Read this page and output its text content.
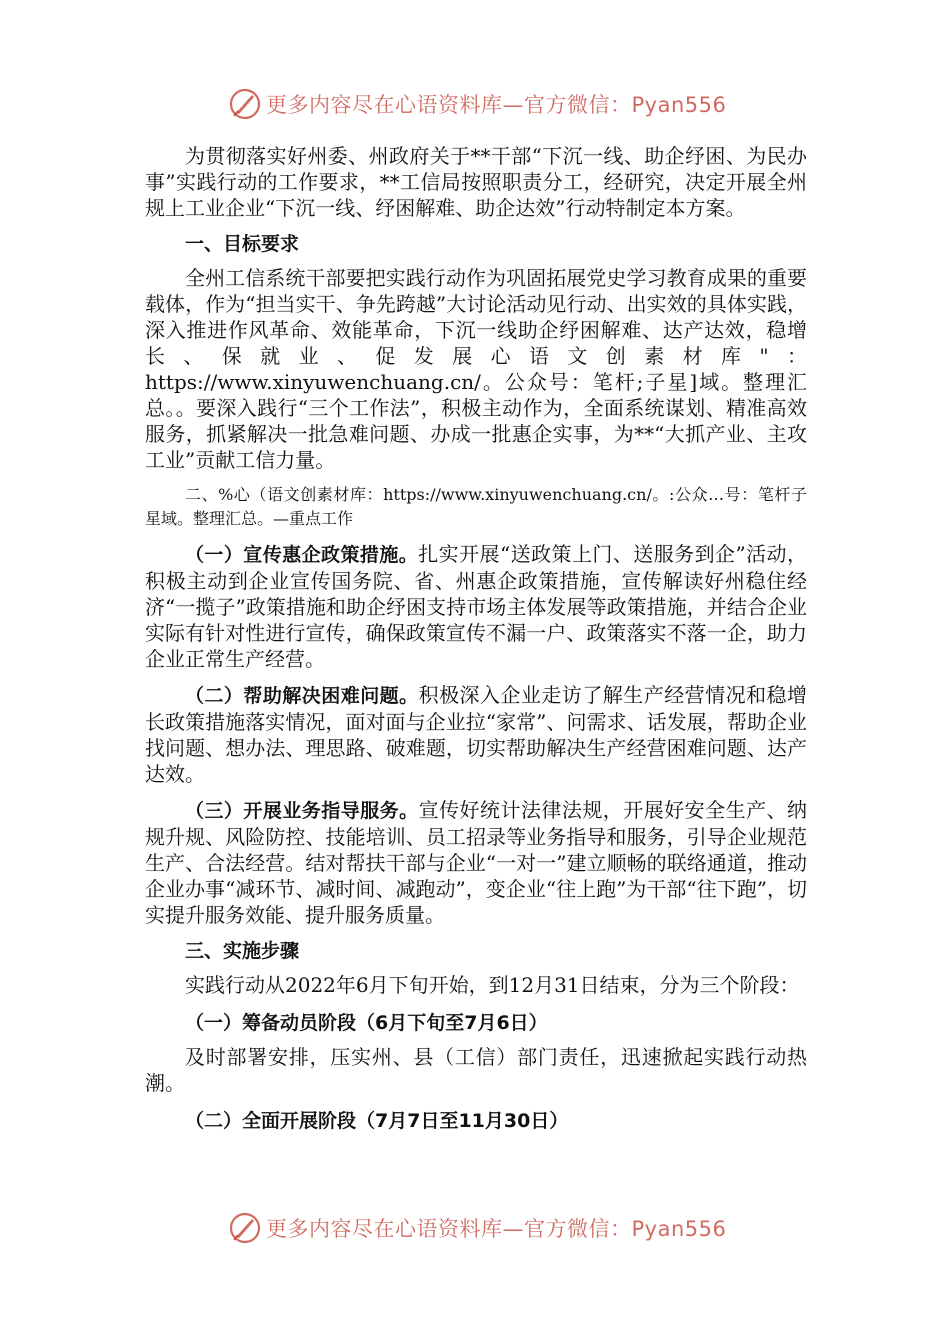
更多内容尽在心语资料库—官方微信：Pyan556

为贯彻落实好州委、州政府关于**干部“下沉一线、助企纾困、为民办事”实践行动的工作要求，**工信局按照职责分工，经研究，决定开展全州规上工业企业“下沉一线、纾困解难、助企达效”行动特制定本方案。

一、目标要求

全州工信系统干部要把实践行动作为巩固拓展党史学习教育成果的重要载体，作为“担当实干、争先跨越”大讨论活动见行动、出实效的具体实践，深入推进作风革命、效能革命，下沉一线助企纾困解难、达产达效，稳增长、保就业、促发展心语文创素材库"：https://www.xinyuwenchuang.cn/。公众号：笔杆;子星]域。整理汇总。。要深入践行“三个工作法”，积极主动作为，全面系统谋划、精准高效服务，抓紧解决一批急难问题、办成一批惠企实事，为**“大抓产业、主攻工业”贡献工信力量。

二、%心（语文创素材库：https://www.xinyuwenchuang.cn/。:公众…号：笔杆子星域。整理汇总。—重点工作

（一）宣传惠企政策措施。扎实开展“送政策上门、送服务到企”活动，积极主动到企业宣传国务院、省、州惠企政策措施，宣传解读好州稳住经济“一揽子”政策措施和助企纾困支持市场主体发展等政策措施，并结合企业实际有针对性进行宣传，确保政策宣传不漏一户、政策落实不落一企，助力企业正常生产经营。

（二）帮助解决困难问题。积极深入企业走访了解生产经营情况和稳增长政策措施落实情况，面对面与企业拉“家常”、问需求、话发展，帮助企业找问题、想办法、理思路、破难题，切实帮助解决生产经营困难问题、达产达效。

（三）开展业务指导服务。宣传好统计法律法规，开展好安全生产、纳规升规、风险防控、技能培训、员工招录等业务指导和服务，引导企业规范生产、合法经营。结对帮扶干部与企业“一对一”建立顺畅的联络通道，推动企业办事“减环节、减时间、减跑动”，变企业“往上跑”为干部“往下跑”，切实提升服务效能、提升服务质量。

三、实施步骤

实践行动从2022年6月下旬开始，到12月31日结束，分为三个阶段：

（一）筹备动员阶段（6月下旬至7月6日）

及时部署安排，压实州、县（工信）部门责任，迅速掀起实践行动热潮。

（二）全面开展阶段（7月7日至11月30日）

更多内容尽在心语资料库—官方微信：Pyan556
